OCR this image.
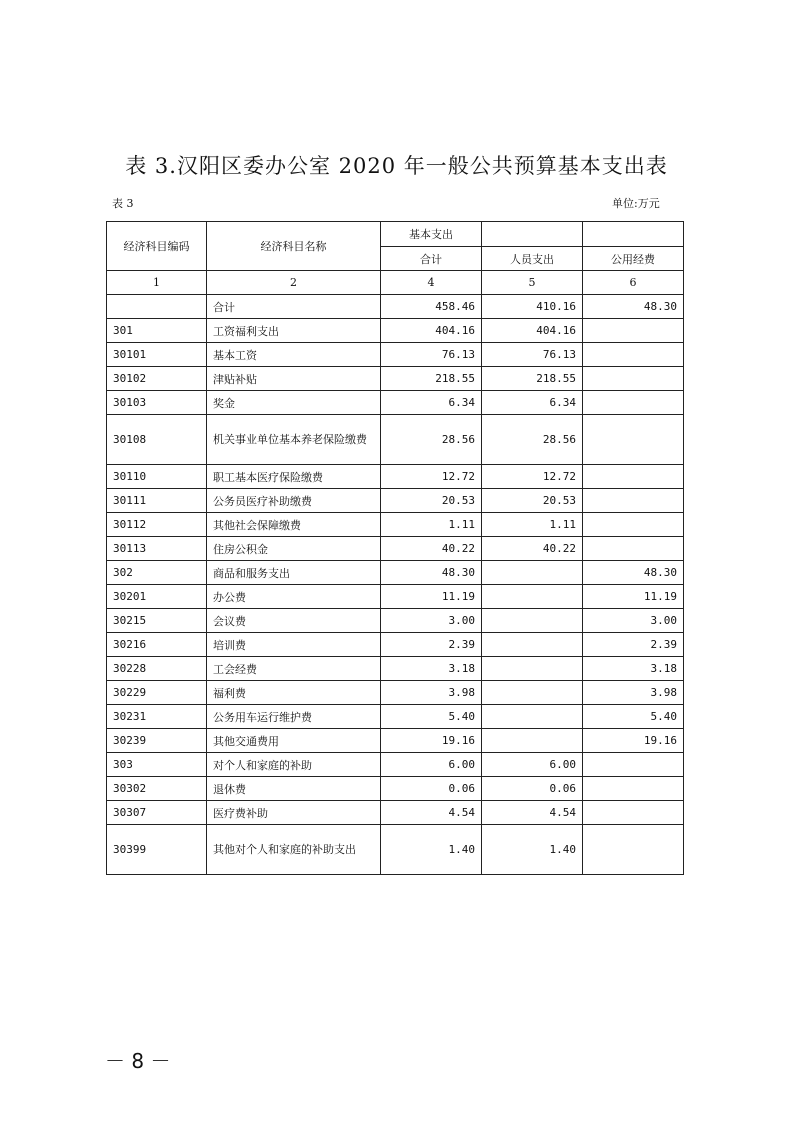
表 3.汉阳区委办公室 2020 年一般公共预算基本支出表
表 3	单位:万元
经济科目编码	经济科目名称	基本支出		
		合计	人员支出	公用经费
1	2	4	5	6
	合计	458.46	410.16	48.30
301	工资福利支出	404.16	404.16	
30101	基本工资	76.13	76.13	
30102	津贴补贴	218.55	218.55	
30103	奖金	6.34	6.34	
30108	机关事业单位基本养老保险缴费	28.56	28.56	
30110	职工基本医疗保险缴费	12.72	12.72	
30111	公务员医疗补助缴费	20.53	20.53	
30112	其他社会保障缴费	1.11	1.11	
30113	住房公积金	40.22	40.22	
302	商品和服务支出	48.30		48.30
30201	办公费	11.19		11.19
30215	会议费	3.00		3.00
30216	培训费	2.39		2.39
30228	工会经费	3.18		3.18
30229	福利费	3.98		3.98
30231	公务用车运行维护费	5.40		5.40
30239	其他交通费用	19.16		19.16
303	对个人和家庭的补助	6.00	6.00	
30302	退休费	0.06	0.06	
30307	医疗费补助	4.54	4.54	
30399	其他对个人和家庭的补助支出	1.40	1.40	
－ 8 －
